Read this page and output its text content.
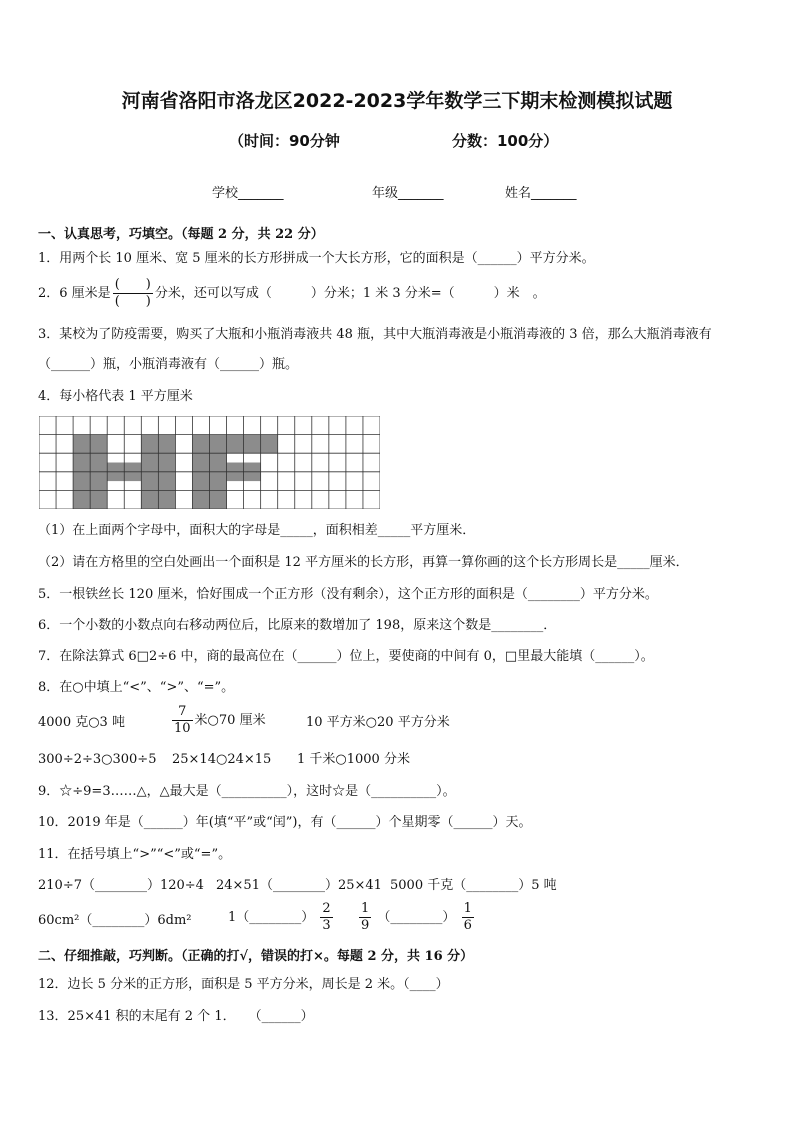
河南省洛阳市洛龙区2022-2023学年数学三下期末检测模拟试题
（时间：90分钟	分数：100分）
学校_______	年级_______	姓名_______
一、认真思考，巧填空。（每题 2 分，共 22 分）
1．用两个长 10 厘米、宽 5 厘米的长方形拼成一个大长方形，它的面积是（______）平方分米。
2．6 厘米是 $\frac{( )}{( )}$ 分米，还可以写成（　　　）分米；1 米 3 分米=（　　　）米　。
3．某校为了防疫需要，购买了大瓶和小瓶消毒液共 48 瓶，其中大瓶消毒液是小瓶消毒液的 3 倍，那么大瓶消毒液有
（______）瓶，小瓶消毒液有（______）瓶。
4．每小格代表 1 平方厘米
（1）在上面两个字母中，面积大的字母是_____，面积相差_____平方厘米．
（2）请在方格里的空白处画出一个面积是 12 平方厘米的长方形，再算一算你画的这个长方形周长是_____厘米．
5．一根铁丝长 120 厘米，恰好围成一个正方形（没有剩余），这个正方形的面积是（________）平方分米。
6．一个小数的小数点向右移动两位后，比原来的数增加了 198，原来这个数是________．
7．在除法算式 6□2÷6 中，商的最高位在（______）位上，要使商的中间有 0，□里最大能填（______）。
8．在○中填上“<”、“>”、“=”。
4000 克○3 吨	$\frac{7}{10}$ 米○70 厘米	10 平方米○20 平方分米
300÷2÷3○300÷5 25×14○24×15 1 千米○1000 分米
9．☆÷9=3……△，△最大是（__________），这时☆是（__________）。
10．2019 年是（______）年(填“平”或“闰”)，有（______）个星期零（______）天。
11．在括号填上“>”“<”或“=”。
210÷7（________）120÷4 24×51（________）25×41 5000 千克（________）5 吨
60cm²（________）6dm²	1（________） $\frac{2}{3}$
$\frac{1}{9}$ （________） $\frac{1}{6}$
二、仔细推敲，巧判断。（正确的打√，错误的打×。每题 2 分，共 16 分）
12．边长 5 分米的正方形，面积是 5 平方分米，周长是 2 米。（____）
13．25×41 积的末尾有 2 个 1．　　（______）
